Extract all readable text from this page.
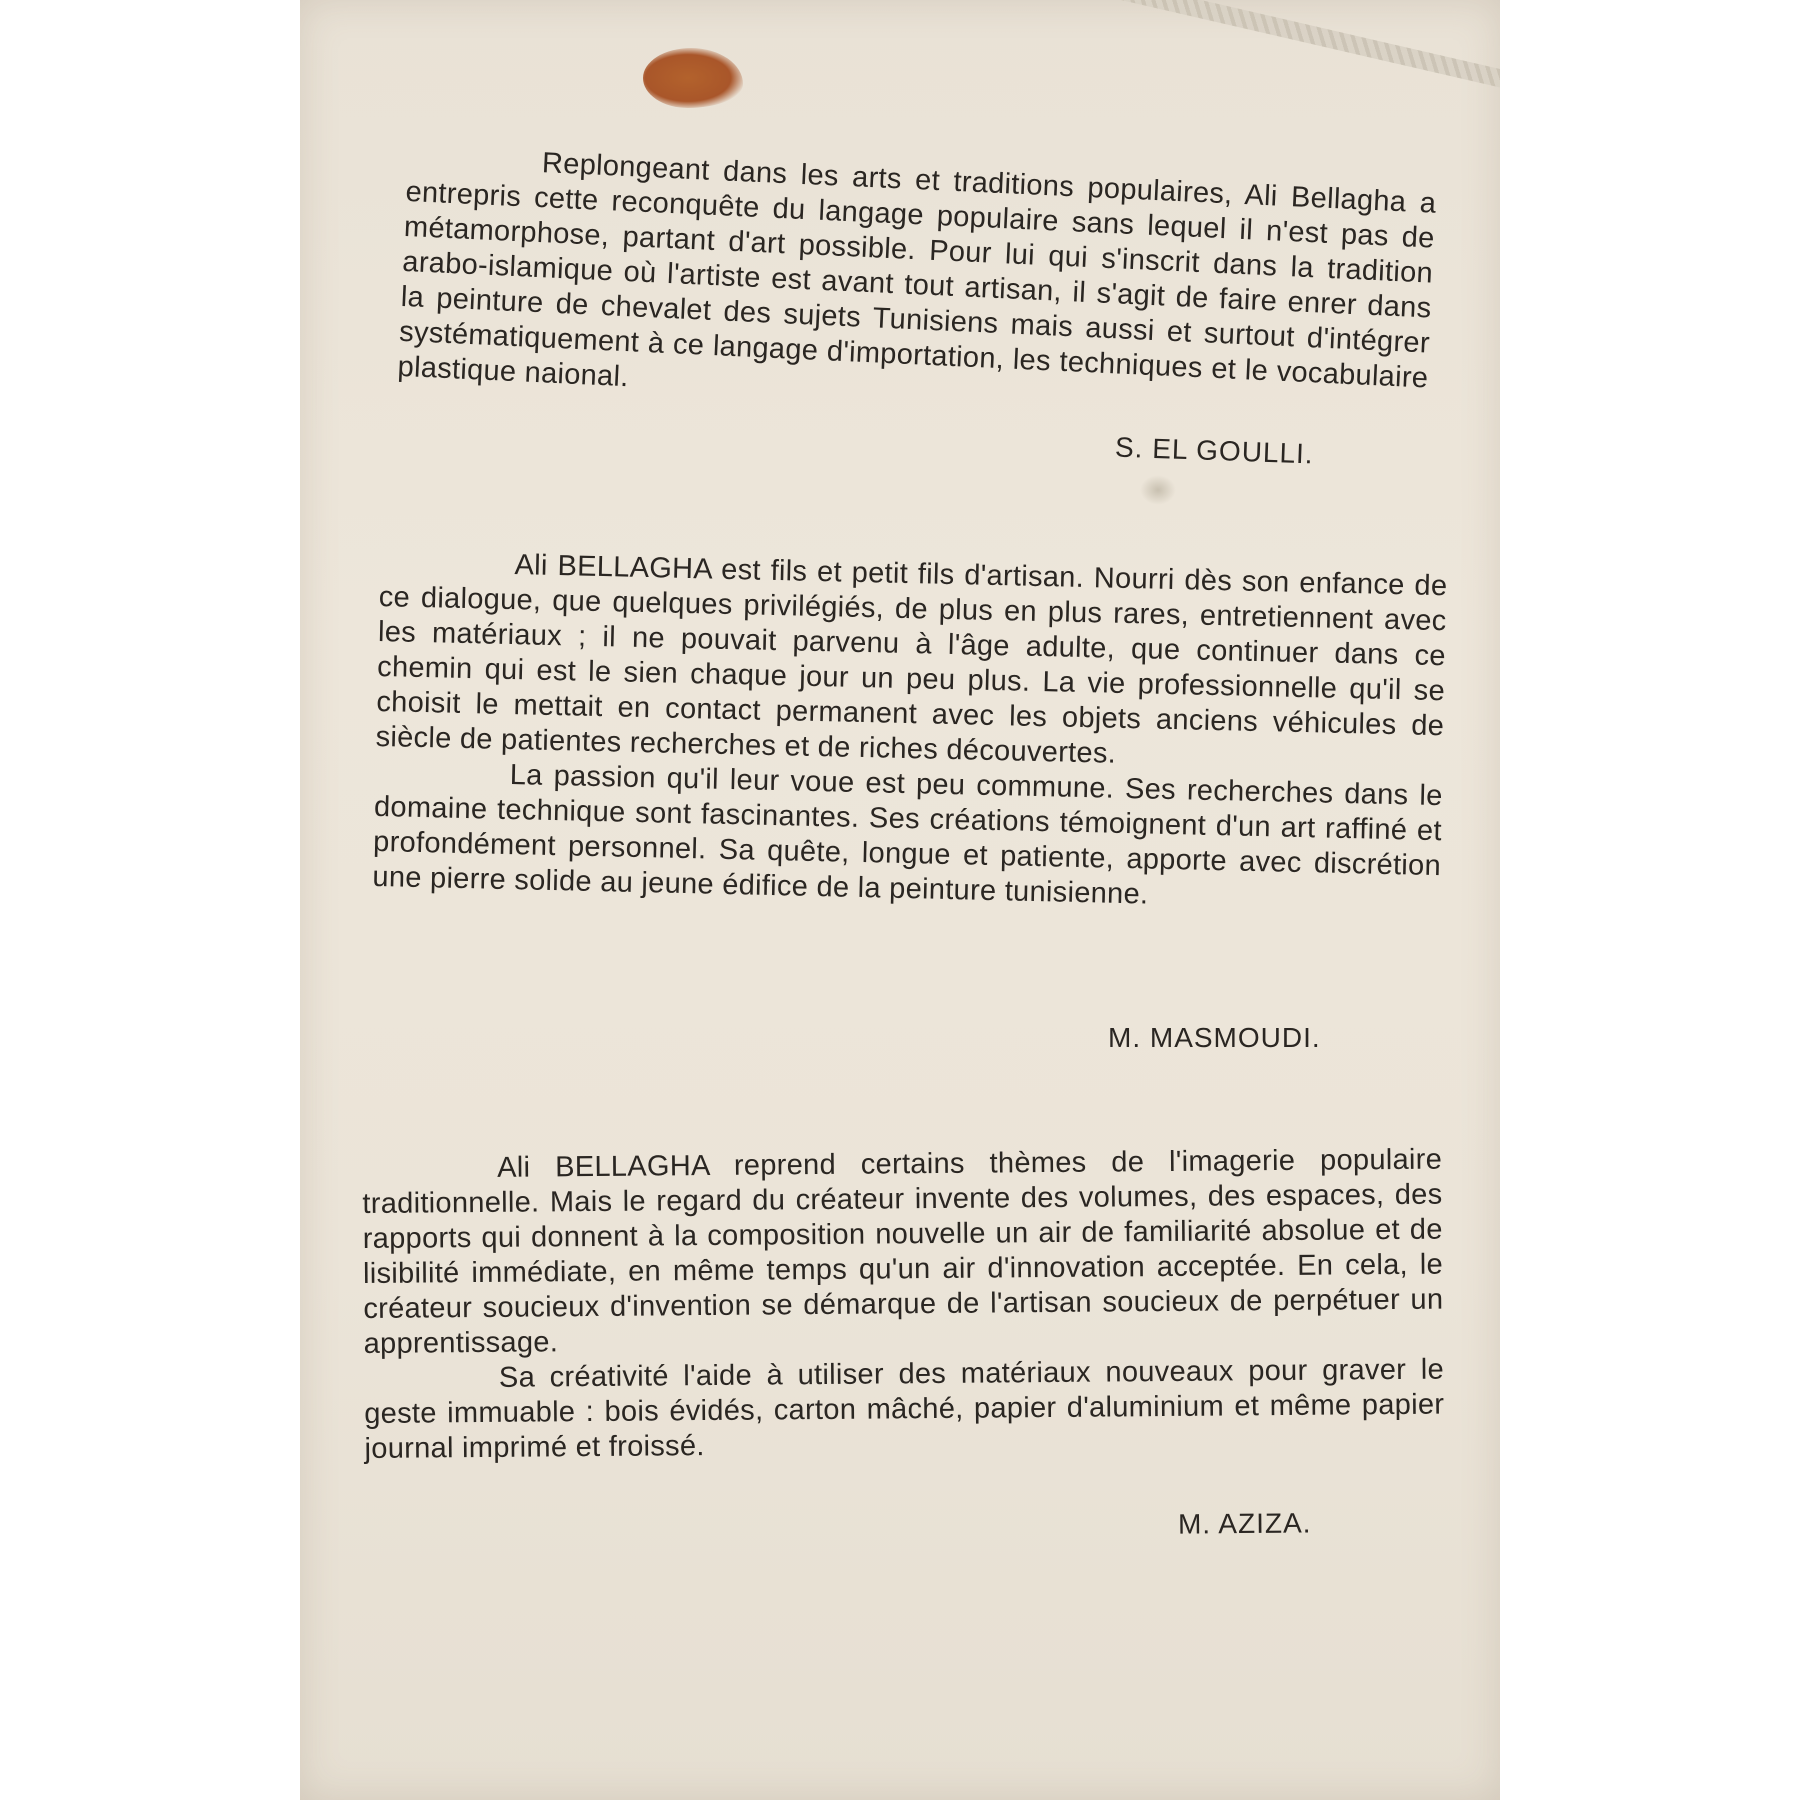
Replongeant dans les arts et traditions populaires, Ali Bellagha a entrepris cette reconquête du langage populaire sans lequel il n'est pas de métamorphose, partant d'art possible. Pour lui qui s'inscrit dans la tradition arabo-islamique où l'artiste est avant tout artisan, il s'agit de faire enrer dans la peinture de chevalet des sujets Tunisiens mais aussi et surtout d'intégrer systématiquement à ce langage d'importation, les techniques et le vocabulaire plastique naional.

S. EL GOULLI.

Ali BELLAGHA est fils et petit fils d'artisan. Nourri dès son enfance de ce dialogue, que quelques privilégiés, de plus en plus rares, entretiennent avec les matériaux ; il ne pouvait parvenu à l'âge adulte, que continuer dans ce chemin qui est le sien chaque jour un peu plus. La vie professionnelle qu'il se choisit le mettait en contact permanent avec les objets anciens véhicules de siècle de patientes recherches et de riches découvertes.

La passion qu'il leur voue est peu commune. Ses recherches dans le domaine technique sont fascinantes. Ses créations témoignent d'un art raffiné et profondément personnel. Sa quête, longue et patiente, apporte avec discrétion une pierre solide au jeune édifice de la peinture tunisienne.

M. MASMOUDI.

Ali BELLAGHA reprend certains thèmes de l'imagerie populaire traditionnelle. Mais le regard du créateur invente des volumes, des espaces, des rapports qui donnent à la composition nouvelle un air de familiarité absolue et de lisibilité immédiate, en même temps qu'un air d'innovation acceptée. En cela, le créateur soucieux d'invention se démarque de l'artisan soucieux de perpétuer un apprentissage.

Sa créativité l'aide à utiliser des matériaux nouveaux pour graver le geste immuable : bois évidés, carton mâché, papier d'aluminium et même papier journal imprimé et froissé.

M. AZIZA.
